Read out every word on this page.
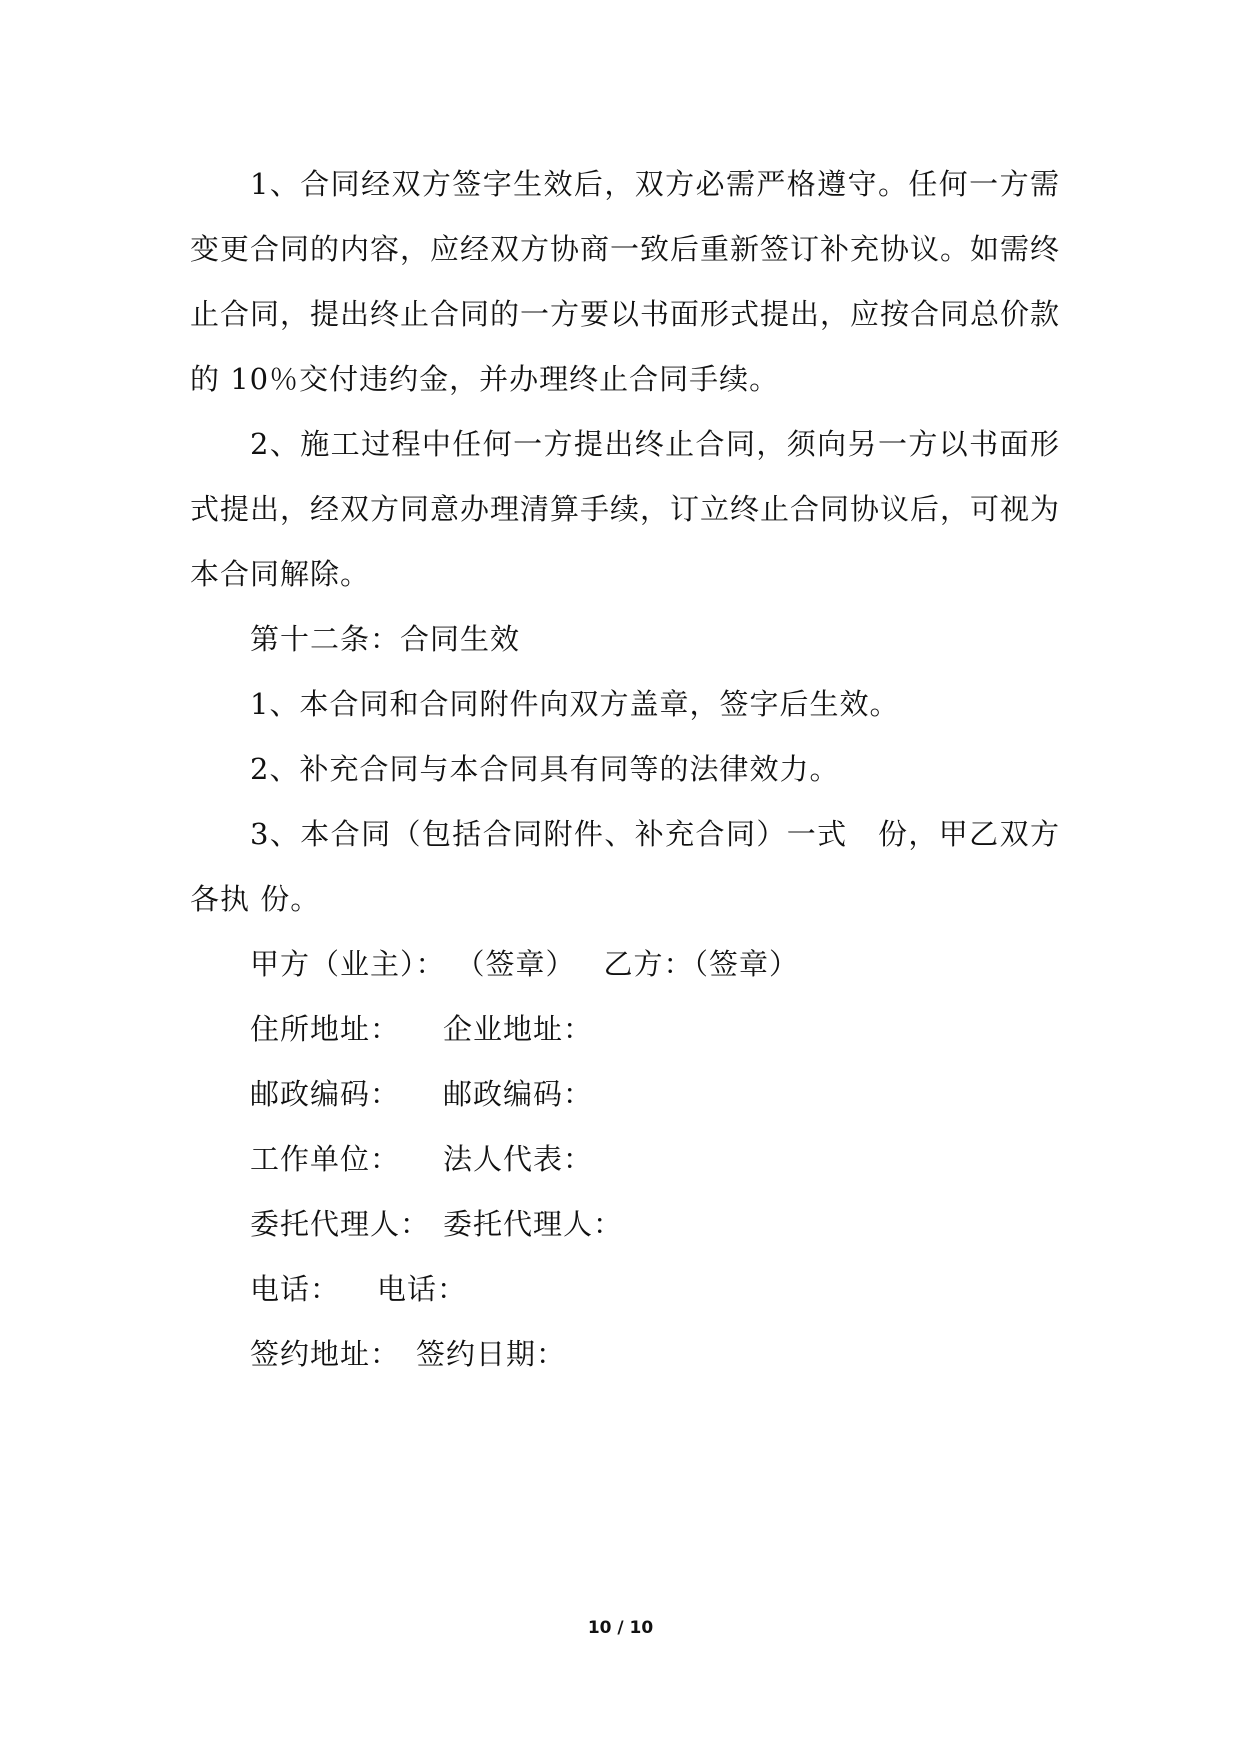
1、合同经双方签字生效后，双方必需严格遵守。任何一方需变更合同的内容，应经双方协商一致后重新签订补充协议。如需终止合同，提出终止合同的一方要以书面形式提出，应按合同总价款的 10％交付违约金，并办理终止合同手续。

2、施工过程中任何一方提出终止合同，须向另一方以书面形式提出，经双方同意办理清算手续，订立终止合同协议后，可视为本合同解除。

第十二条：合同生效

1、本合同和合同附件向双方盖章，签字后生效。

2、补充合同与本合同具有同等的法律效力。

3、本合同（包括合同附件、补充合同）一式　份，甲乙双方各执 份。

甲方（业主）： （签章） 乙方：（签章）
住所地址： 企业地址：
邮政编码： 邮政编码：
工作单位： 法人代表：
委托代理人： 委托代理人：
电话： 电话：
签约地址： 签约日期：
10 / 10
